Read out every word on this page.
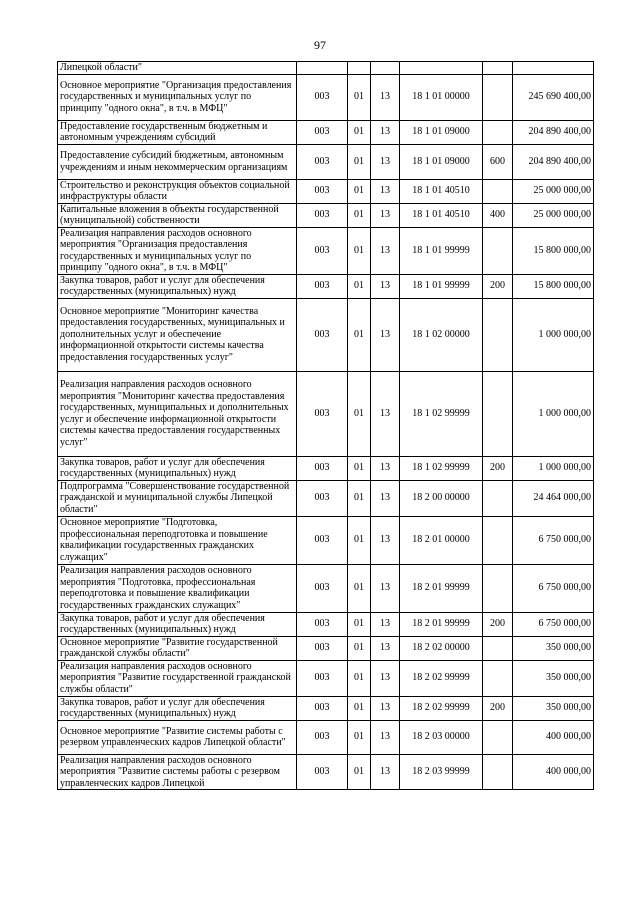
97
Липецкой области"						
Основное мероприятие "Организация предоставления государственных и муниципальных услуг по принципу "одного окна", в т.ч. в МФЦ"	003	01	13	18 1 01 00000		245 690 400,00
Предоставление государственным бюджетным и автономным учреждениям субсидий	003	01	13	18 1 01 09000		204 890 400,00
Предоставление субсидий бюджетным, автономным учреждениям и иным некоммерческим организациям	003	01	13	18 1 01 09000	600	204 890 400,00
Строительство и реконструкция объектов социальной инфраструктуры области	003	01	13	18 1 01 40510		25 000 000,00
Капитальные вложения в объекты государственной (муниципальной) собственности	003	01	13	18 1 01 40510	400	25 000 000,00
Реализация направления расходов основного мероприятия "Организация предоставления государственных и муниципальных услуг по принципу "одного окна", в т.ч. в МФЦ"	003	01	13	18 1 01 99999		15 800 000,00
Закупка товаров, работ и услуг для обеспечения государственных (муниципальных) нужд	003	01	13	18 1 01 99999	200	15 800 000,00
Основное мероприятие "Мониторинг качества предоставления государственных, муниципальных и дополнительных услуг и обеспечение информационной открытости системы качества предоставления государственных услуг"	003	01	13	18 1 02 00000		1 000 000,00
Реализация направления расходов основного мероприятия "Мониторинг качества предоставления государственных, муниципальных и дополнительных услуг и обеспечение информационной открытости системы качества предоставления государственных услуг"	003	01	13	18 1 02 99999		1 000 000,00
Закупка товаров, работ и услуг для обеспечения государственных (муниципальных) нужд	003	01	13	18 1 02 99999	200	1 000 000,00
Подпрограмма "Совершенствование государственной гражданской и муниципальной службы Липецкой области"	003	01	13	18 2 00 00000		24 464 000,00
Основное мероприятие "Подготовка, профессиональная переподготовка и повышение квалификации государственных гражданских служащих"	003	01	13	18 2 01 00000		6 750 000,00
Реализация направления расходов основного мероприятия "Подготовка, профессиональная переподготовка и повышение квалификации государственных гражданских служащих"	003	01	13	18 2 01 99999		6 750 000,00
Закупка товаров, работ и услуг для обеспечения государственных (муниципальных) нужд	003	01	13	18 2 01 99999	200	6 750 000,00
Основное мероприятие "Развитие государственной гражданской службы области"	003	01	13	18 2 02 00000		350 000,00
Реализация направления расходов основного мероприятия "Развитие государственной гражданской службы области"	003	01	13	18 2 02 99999		350 000,00
Закупка товаров, работ и услуг для обеспечения государственных (муниципальных) нужд	003	01	13	18 2 02 99999	200	350 000,00
Основное мероприятие "Развитие системы работы с резервом управленческих кадров Липецкой области"	003	01	13	18 2 03 00000		400 000,00
Реализация направления расходов основного мероприятия "Развитие системы работы с резервом управленческих кадров Липецкой	003	01	13	18 2 03 99999		400 000,00
